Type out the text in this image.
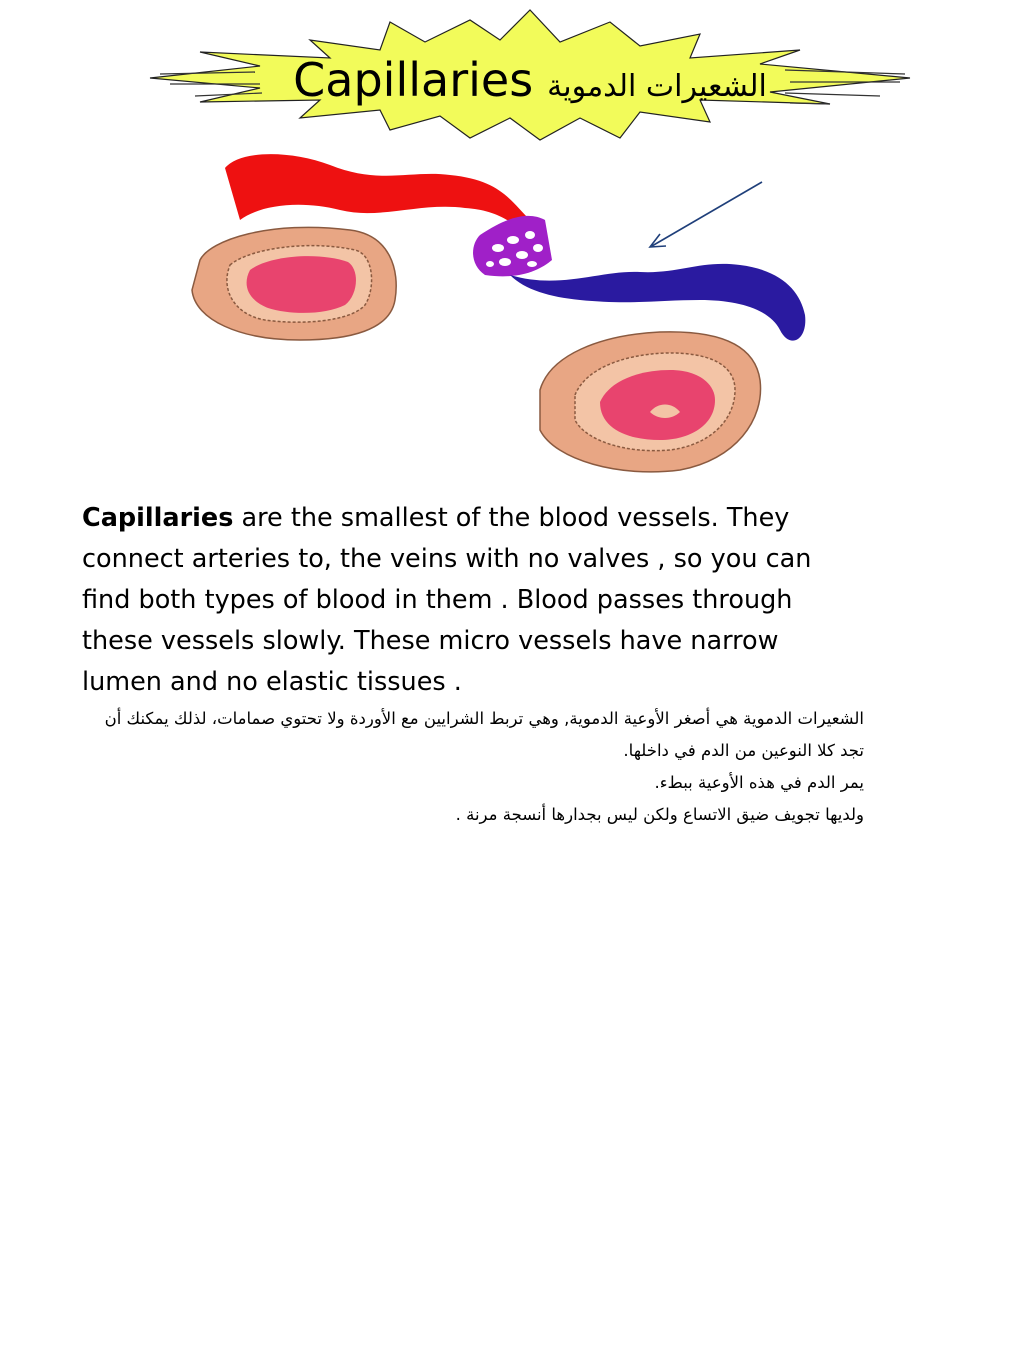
Capillaries الشعيرات الدموية
Capillaries are the smallest of the blood vessels. They connect arteries to, the veins with no valves , so you can find both types of blood in them . Blood passes through these vessels slowly. These micro vessels have narrow lumen and no elastic tissues .

الشعيرات الدموية هي أصغر الأوعية الدموية, وهي تربط الشرايين مع الأوردة ولا تحتوي صمامات، لذلك يمكنك أن تجد كلا النوعين من الدم في داخلها.

يمر الدم في هذه الأوعية ببطء.

ولديها تجويف ضيق الاتساع ولكن ليس بجدارها أنسجة مرنة .
